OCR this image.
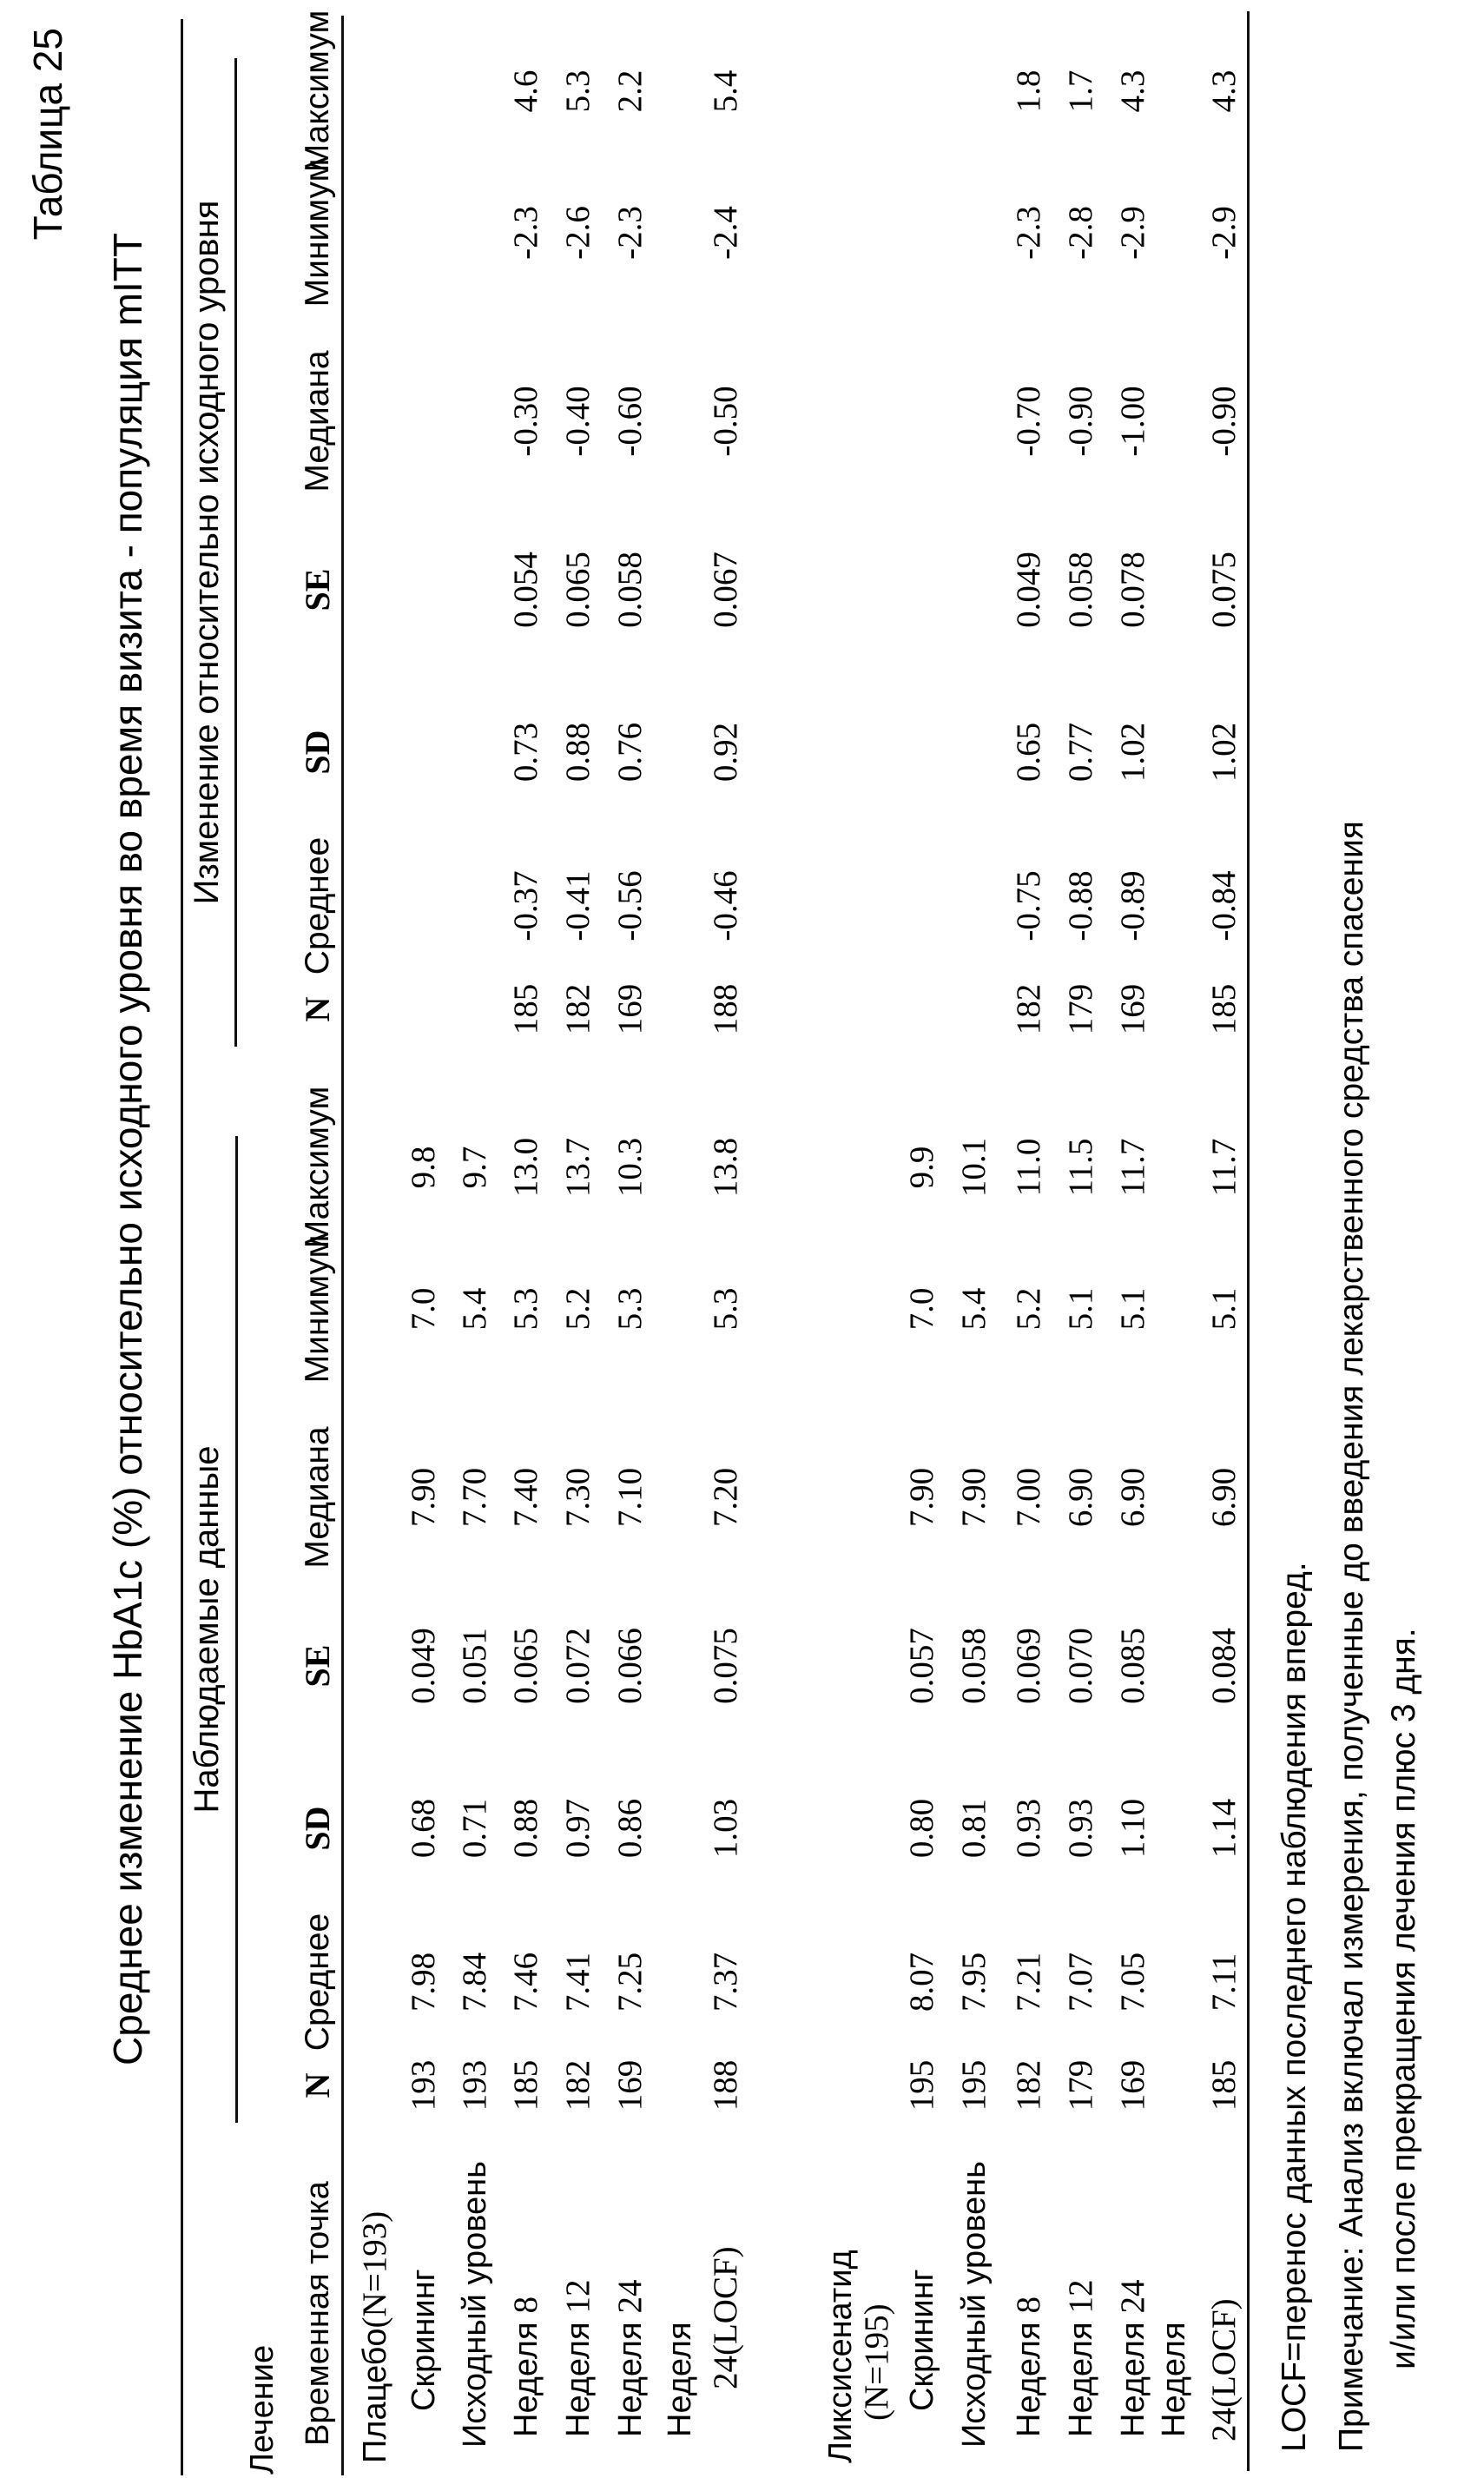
Таблица 25
Среднее изменение HbA1c (%) относительно исходного уровня во время визита - популяция mITT Наблюдаемые данные
Изменение относительно исходного уровня
Лечение Временная точка
N
Среднее
SD
SE
Медиана
Минимум
Максимум
N
Среднее
SD
SE
Медиана
Минимум
Максимум
Плацебо(N=193) Скрининг
193
7.98
0.68
0.049
7.90
7.0
9.8
Исходный уровень
193
7.84
0.71
0.051
7.70
5.4
9.7
Неделя8
185
7.46
0.88
0.065
7.40
5.3
13.0
185
-0.37
0.73
0.054
-0.30
-2.3
4.6
Неделя12
182
7.41
0.97
0.072
7.30
5.2
13.7
182
-0.41
0.88
0.065
-0.40
-2.6
5.3
Неделя24
169
7.25
0.86
0.066
7.10
5.3
10.3
169
-0.56
0.76
0.058
-0.60
-2.3
2.2
Неделя 24(LOCF)
188
7.37
1.03
0.075
7.20
5.3
13.8
188
-0.46
0.92
0.067
-0.50
-2.4
5.4
Ликсисенатид (N=195) Скрининг
195
8.07
0.80
0.057
7.90
7.0
9.9
Исходный уровень
195
7.95
0.81
0.058
7.90
5.4
10.1
Неделя8
182
7.21
0.93
0.069
7.00
5.2
11.0
182
-0.75
0.65
0.049
-0.70
-2.3
1.8
Неделя12
179
7.07
0.93
0.070
6.90
5.1
11.5
179
-0.88
0.77
0.058
-0.90
-2.8
1.7
Неделя24
169
7.05
1.10
0.085
6.90
5.1
11.7
169
-0.89
1.02
0.078
-1.00
-2.9
4.3
Неделя 24(LOCF)
185
7.11
1.14
0.084
6.90
5.1
11.7
185
-0.84
1.02
0.075
-0.90
-2.9
4.3
LOCF=перенос данных последнего наблюдения вперед. Примечание: Анализ включал измерения, полученные до введения лекарственного средства спасения и/или после прекращения лечения плюс 3 дня.
